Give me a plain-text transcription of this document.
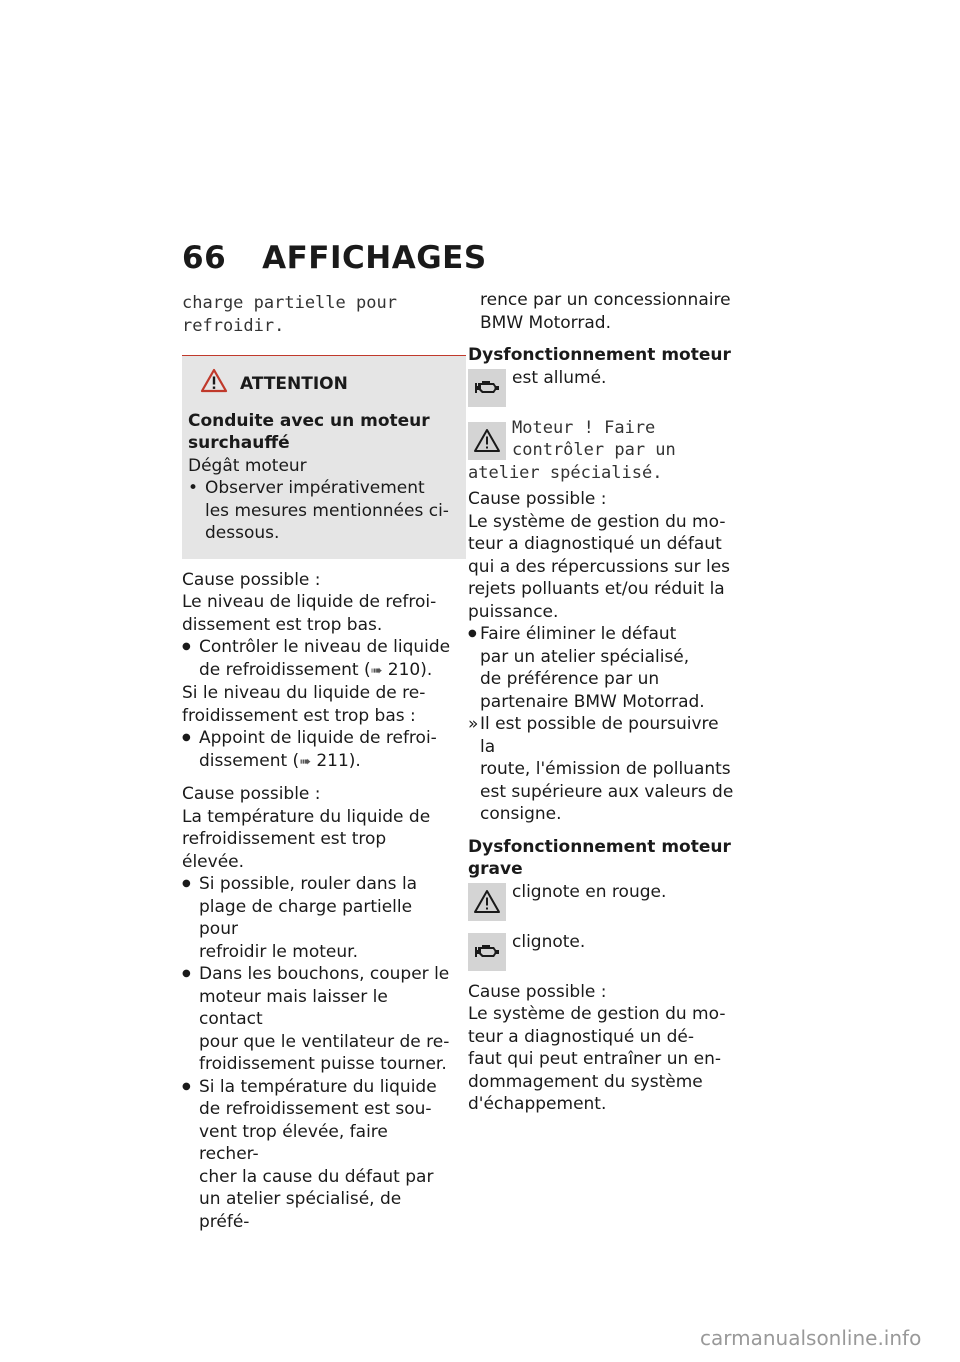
66 AFFICHAGES
charge partielle pour
refroidir.
ATTENTION

Conduite avec un moteur

surchauffé

Dégât moteur

• Observer impérativement

les mesures mentionnées ci-

dessous.

Cause possible :

Le niveau de liquide de refroi-

dissement est trop bas.

● Contrôler le niveau de liquide

de refroidissement (➠ 210).

Si le niveau du liquide de re-

froidissement est trop bas :

● Appoint de liquide de refroi-

dissement (➠ 211).

Cause possible :

La température du liquide de

refroidissement est trop élevée.

● Si possible, rouler dans la

plage de charge partielle pour

refroidir le moteur.

● Dans les bouchons, couper le

moteur mais laisser le contact

pour que le ventilateur de re-

froidissement puisse tourner.

● Si la température du liquide

de refroidissement est sou-

vent trop élevée, faire recher-

cher la cause du défaut par

un atelier spécialisé, de préfé-

rence par un concessionnaire

BMW Motorrad.

Dysfonctionnement moteur

est allumé.

Moteur ! Faire
contrôler par un
atelier spécialisé.

Cause possible :

Le système de gestion du mo-

teur a diagnostiqué un défaut

qui a des répercussions sur les

rejets polluants et/ou réduit la

puissance.

● Faire éliminer le défaut

par un atelier spécialisé,

de préférence par un

partenaire BMW Motorrad.

» Il est possible de poursuivre la

route, l'émission de polluants

est supérieure aux valeurs de

consigne.

Dysfonctionnement moteur

grave

clignote en rouge.

clignote.

Cause possible :

Le système de gestion du mo-

teur a diagnostiqué un dé-

faut qui peut entraîner un en-

dommagement du système

d'échappement.

carmanualsonline.info
